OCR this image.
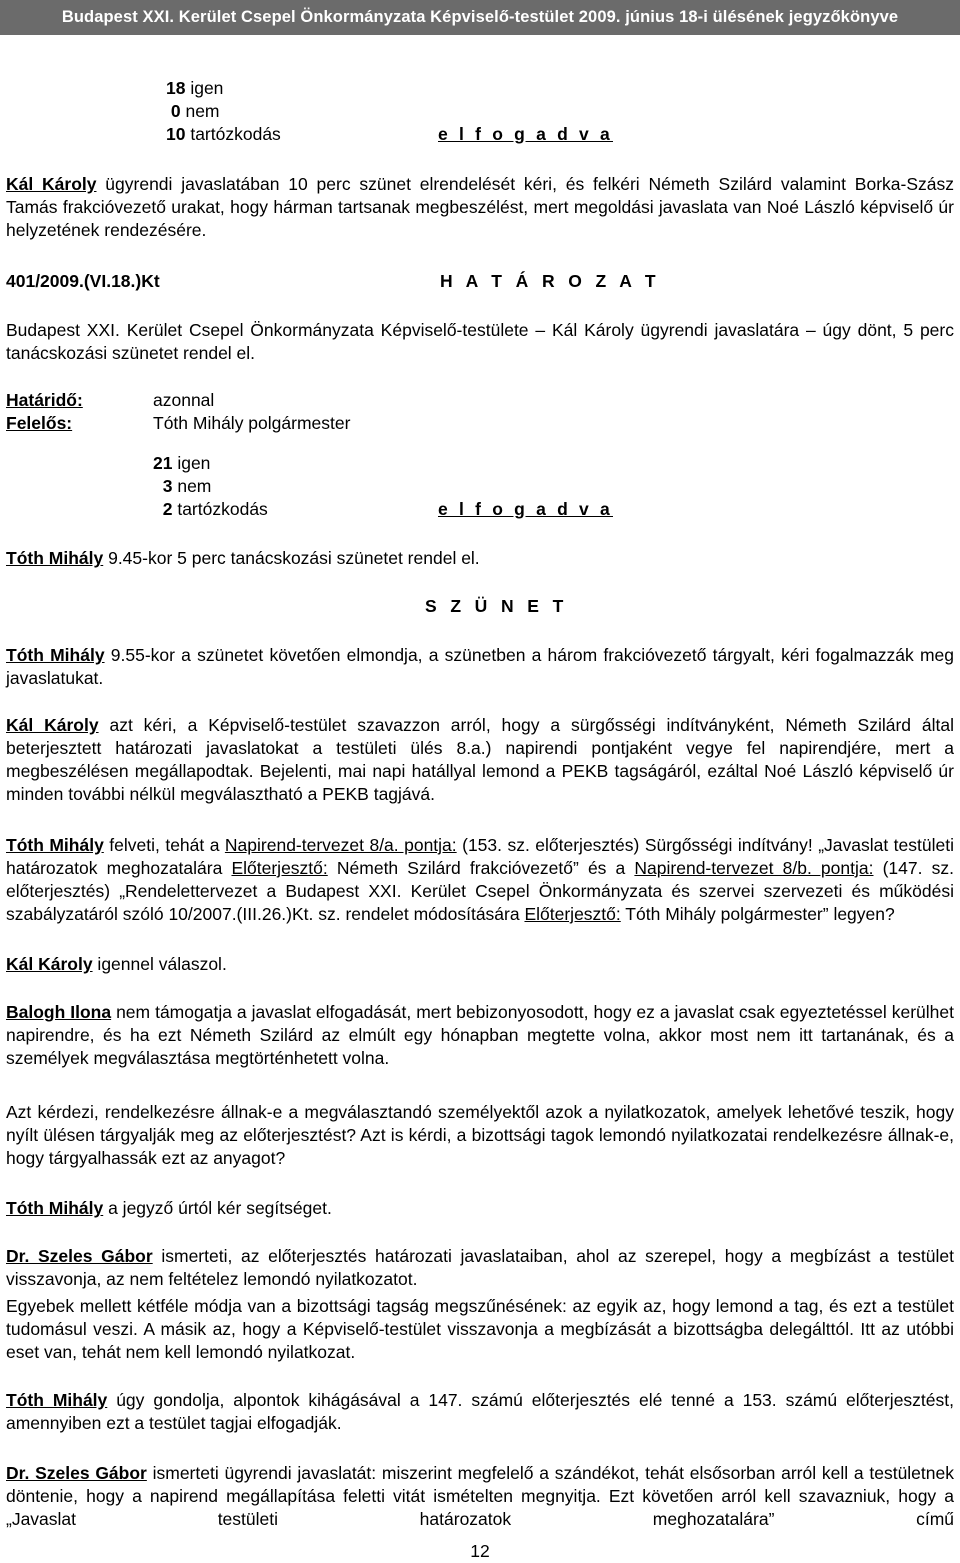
Budapest XXI. Kerület Csepel Önkormányzata Képviselő-testület 2009. június 18-i ülésének jegyzőkönyve
18 igen
0 nem
10 tartózkodás	e l f o g a d v a
Kál Károly ügyrendi javaslatában 10 perc szünet elrendelését kéri, és felkéri Németh Szilárd valamint Borka-Szász Tamás frakcióvezető urakat, hogy hárman tartsanak megbeszélést, mert megoldási javaslata van Noé László képviselő úr helyzetének rendezésére.
401/2009.(VI.18.)Kt	H A T Á R O Z A T
Budapest XXI. Kerület Csepel Önkormányzata Képviselő-testülete – Kál Károly ügyrendi javaslatára – úgy dönt, 5 perc tanácskozási szünetet rendel el.
Határidő:	azonnal
Felelős:	Tóth Mihály polgármester
21 igen
3 nem
2 tartózkodás	e l f o g a d v a
Tóth Mihály 9.45-kor 5 perc tanácskozási szünetet rendel el.
S Z Ü N E T
Tóth Mihály 9.55-kor a szünetet követően elmondja, a szünetben a három frakcióvezető tárgyalt, kéri fogalmazzák meg javaslatukat.
Kál Károly azt kéri, a Képviselő-testület szavazzon arról, hogy a sürgősségi indítványként, Németh Szilárd által beterjesztett határozati javaslatokat a testületi ülés 8.a.) napirendi pontjaként vegye fel napirendjére, mert a megbeszélésen megállapodtak. Bejelenti, mai napi hatállyal lemond a PEKB tagságáról, ezáltal Noé László képviselő úr minden további nélkül megválasztható a PEKB tagjává.
Tóth Mihály felveti, tehát a Napirend-tervezet 8/a. pontja: (153. sz. előterjesztés) Sürgősségi indítvány! „Javaslat testületi határozatok meghozatalára Előterjesztő: Németh Szilárd frakcióvezető” és a Napirend-tervezet 8/b. pontja: (147. sz. előterjesztés) „Rendelettervezet a Budapest XXI. Kerület Csepel Önkormányzata és szervei szervezeti és működési szabályzatáról szóló 10/2007.(III.26.)Kt. sz. rendelet módosítására Előterjesztő: Tóth Mihály polgármester” legyen?
Kál Károly igennel válaszol.
Balogh Ilona nem támogatja a javaslat elfogadását, mert bebizonyosodott, hogy ez a javaslat csak egyeztetéssel kerülhet napirendre, és ha ezt Németh Szilárd az elmúlt egy hónapban megtette volna, akkor most nem itt tartanának, és a személyek megválasztása megtörténhetett volna.
Azt kérdezi, rendelkezésre állnak-e a megválasztandó személyektől azok a nyilatkozatok, amelyek lehetővé teszik, hogy nyílt ülésen tárgyalják meg az előterjesztést? Azt is kérdi, a bizottsági tagok lemondó nyilatkozatai rendelkezésre állnak-e, hogy tárgyalhassák ezt az anyagot?
Tóth Mihály a jegyző úrtól kér segítséget.
Dr. Szeles Gábor ismerteti, az előterjesztés határozati javaslataiban, ahol az szerepel, hogy a megbízást a testület visszavonja, az nem feltételez lemondó nyilatkozatot.
Egyebek mellett kétféle módja van a bizottsági tagság megszűnésének: az egyik az, hogy lemond a tag, és ezt a testület tudomásul veszi. A másik az, hogy a Képviselő-testület visszavonja a megbízását a bizottságba delegálttól. Itt az utóbbi eset van, tehát nem kell lemondó nyilatkozat.
Tóth Mihály úgy gondolja, alpontok kihágásával a 147. számú előterjesztés elé tenné a 153. számú előterjesztést, amennyiben ezt a testület tagjai elfogadják.
Dr. Szeles Gábor ismerteti ügyrendi javaslatát: miszerint megfelelő a szándékot, tehát elsősorban arról kell a testületnek döntenie, hogy a napirend megállapítása feletti vitát ismételten megnyitja. Ezt követően arról kell szavazniuk, hogy a „Javaslat testületi határozatok meghozatalára” című
12
